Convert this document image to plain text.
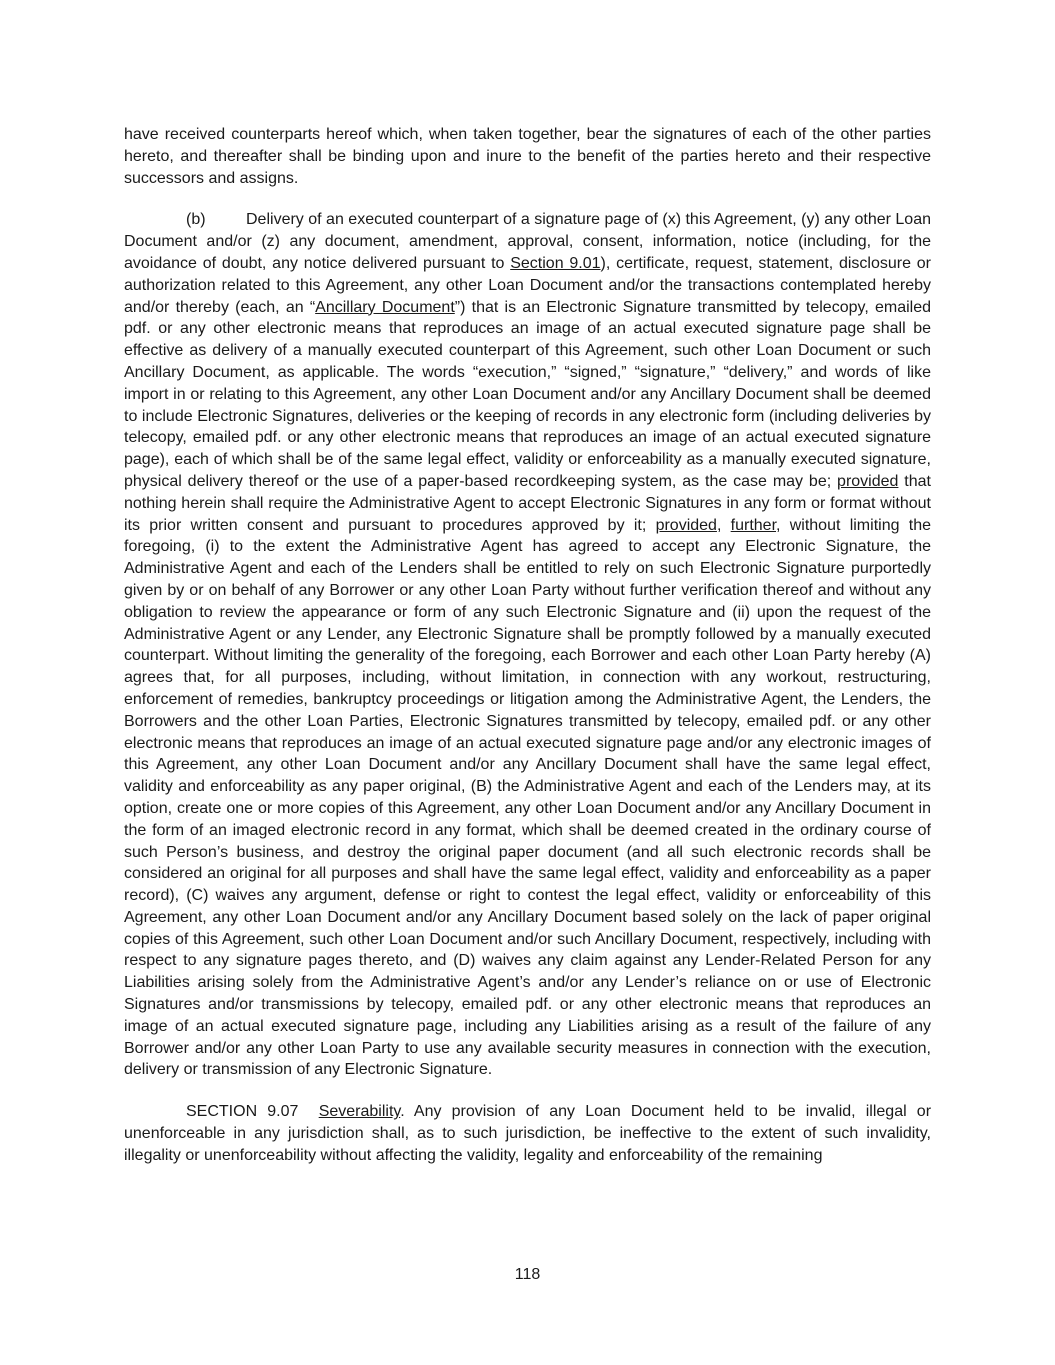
have received counterparts hereof which, when taken together, bear the signatures of each of the other parties hereto, and thereafter shall be binding upon and inure to the benefit of the parties hereto and their respective successors and assigns.

(b)	Delivery of an executed counterpart of a signature page of (x) this Agreement, (y) any other Loan Document and/or (z) any document, amendment, approval, consent, information, notice (including, for the avoidance of doubt, any notice delivered pursuant to Section 9.01), certificate, request, statement, disclosure or authorization related to this Agreement, any other Loan Document and/or the transactions contemplated hereby and/or thereby (each, an “Ancillary Document”) that is an Electronic Signature transmitted by telecopy, emailed pdf. or any other electronic means that reproduces an image of an actual executed signature page shall be effective as delivery of a manually executed counterpart of this Agreement, such other Loan Document or such Ancillary Document, as applicable. The words “execution,” “signed,” “signature,” “delivery,” and words of like import in or relating to this Agreement, any other Loan Document and/or any Ancillary Document shall be deemed to include Electronic Signatures, deliveries or the keeping of records in any electronic form (including deliveries by telecopy, emailed pdf. or any other electronic means that reproduces an image of an actual executed signature page), each of which shall be of the same legal effect, validity or enforceability as a manually executed signature, physical delivery thereof or the use of a paper-based recordkeeping system, as the case may be; provided that nothing herein shall require the Administrative Agent to accept Electronic Signatures in any form or format without its prior written consent and pursuant to procedures approved by it; provided, further, without limiting the foregoing, (i) to the extent the Administrative Agent has agreed to accept any Electronic Signature, the Administrative Agent and each of the Lenders shall be entitled to rely on such Electronic Signature purportedly given by or on behalf of any Borrower or any other Loan Party without further verification thereof and without any obligation to review the appearance or form of any such Electronic Signature and (ii) upon the request of the Administrative Agent or any Lender, any Electronic Signature shall be promptly followed by a manually executed counterpart. Without limiting the generality of the foregoing, each Borrower and each other Loan Party hereby (A) agrees that, for all purposes, including, without limitation, in connection with any workout, restructuring, enforcement of remedies, bankruptcy proceedings or litigation among the Administrative Agent, the Lenders, the Borrowers and the other Loan Parties, Electronic Signatures transmitted by telecopy, emailed pdf. or any other electronic means that reproduces an image of an actual executed signature page and/or any electronic images of this Agreement, any other Loan Document and/or any Ancillary Document shall have the same legal effect, validity and enforceability as any paper original, (B) the Administrative Agent and each of the Lenders may, at its option, create one or more copies of this Agreement, any other Loan Document and/or any Ancillary Document in the form of an imaged electronic record in any format, which shall be deemed created in the ordinary course of such Person’s business, and destroy the original paper document (and all such electronic records shall be considered an original for all purposes and shall have the same legal effect, validity and enforceability as a paper record), (C) waives any argument, defense or right to contest the legal effect, validity or enforceability of this Agreement, any other Loan Document and/or any Ancillary Document based solely on the lack of paper original copies of this Agreement, such other Loan Document and/or such Ancillary Document, respectively, including with respect to any signature pages thereto, and (D) waives any claim against any Lender-Related Person for any Liabilities arising solely from the Administrative Agent’s and/or any Lender’s reliance on or use of Electronic Signatures and/or transmissions by telecopy, emailed pdf. or any other electronic means that reproduces an image of an actual executed signature page, including any Liabilities arising as a result of the failure of any Borrower and/or any other Loan Party to use any available security measures in connection with the execution, delivery or transmission of any Electronic Signature.

SECTION 9.07 Severability. Any provision of any Loan Document held to be invalid, illegal or unenforceable in any jurisdiction shall, as to such jurisdiction, be ineffective to the extent of such invalidity, illegality or unenforceability without affecting the validity, legality and enforceability of the remaining

118
